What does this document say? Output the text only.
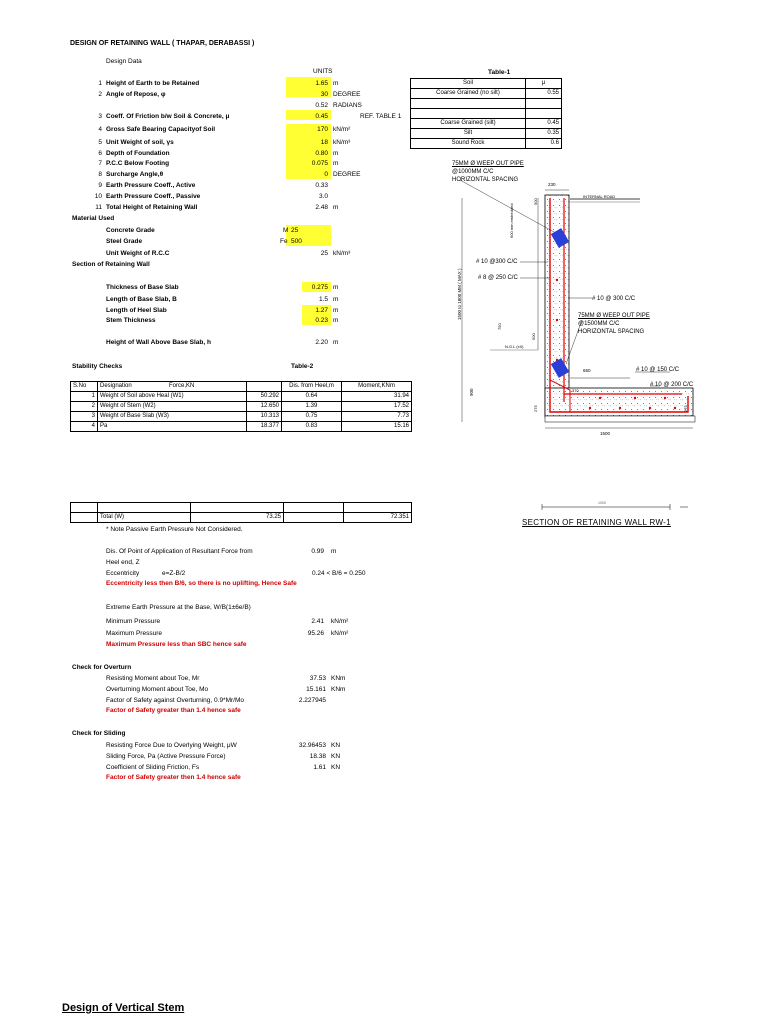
DESIGN OF RETAINING WALL ( THAPAR, DERABASSI )
Design Data
UNITS
1 Height of Earth to be Retained	1.65 m
2 Angle of Repose, φ	30 DEGREE
0.52 RADIANS
3 Coeff. Of Friction b/w Soil & Concrete, μ	0.45	REF. TABLE 1
4 Gross Safe Bearing Capacityof Soil	170 kN/m²
5 Unit Weight of soil, γs	18 kN/m³
6 Depth of Foundation	0.80 m
7 P.C.C Below Footing	0.075 m
8 Surcharge Angle,θ	0 DEGREE
9 Earth Pressure Coeff., Active	0.33
10 Earth Pressure Coeff., Passive	3.0
11 Total Height of Retaining Wall	2.48 m
Table-1
Soil	μ
Coarse Grained (no silt)	0.55

Coarse Grained (silt)	0.45
Silt	0.35
Sound Rock	0.6
Material Used
Concrete Grade	M 25
Steel Grade	Fe 500
Unit Weight of R.C.C	25 kN/m³
Section of Retaining Wall
Thickness of Base Slab	0.275 m
Length of Base Slab, B	1.5 m
Length of Heel Slab	1.27 m
Stem Thickness	0.23 m
Height of Wall Above Base Slab, h	2.20 m
Stability Checks	Table-2
S.No	Designation	Force,KN		Dis. from Heel,m	Moment,KNm
1	Weight of Soil above Heal (W1)		50.292	0.64	31.94
2	Weight of Stem (W2)		12.650	1.39	17.52
3	Weight of Base Slab (W3)		10.313	0.75	7.73
4	Pa		18.377	0.83	15.16

	Total (W)	73.25		72.351
* Note Passive Earth Pressure Not Considered.
Dis. Of Point of Application of Resultant Force from	0.99 m
Heel end, Z
Eccentricity	e=Z-B/2	0.24 < B/6 = 0.250
Eccentricity less then B/6, so there is no uplifting, Hence Safe
Extreme Earth Pressure at the Base, W/B(1±6e/B)
Minimum Pressure	2.41 kN/m²
Maximum Pressure	95.26 kN/m²
Maximum Pressure less than SBC hence safe
Check for Overturn
Resisting Moment about Toe, Mr	37.53 KNm
Overturning Moment about Toe, Mo	15.161 KNm
Factor of Safety against Overturning, 0.9*Mr/Mo	2.227945
Factor of Safety greater than 1.4 hence safe
Check for Sliding
Resisting Force Due to Overlying Weight, μW	32.96453 KN
Sliding Force, Pa (Active Pressure Force)	18.38 KN
Coefficient of Sliding Friction, Fs	1.61 KN
Factor of Safety greater then 1.4 hence safe
75MM Ø WEEP OUT PIPE
@1000MM C/C
HORIZONTAL SPACING
230
INTERNAL ROAD
500
600 mm embedded
1500 to 1800 MM ( MAX )
# 10 @300 C/C
# 8 @ 250 C/C
# 10 @ 300 C/C
75MM Ø WEEP OUT PIPE
@1500MM C/C
HORIZONTAL SPACING
750
500
N.G.L (±0)
650	# 10 @ 150 C/C
# 10 @ 200 C/C
900	370
275	275
1500
1000
SECTION OF RETAINING WALL RW-1
Design of Vertical Stem
